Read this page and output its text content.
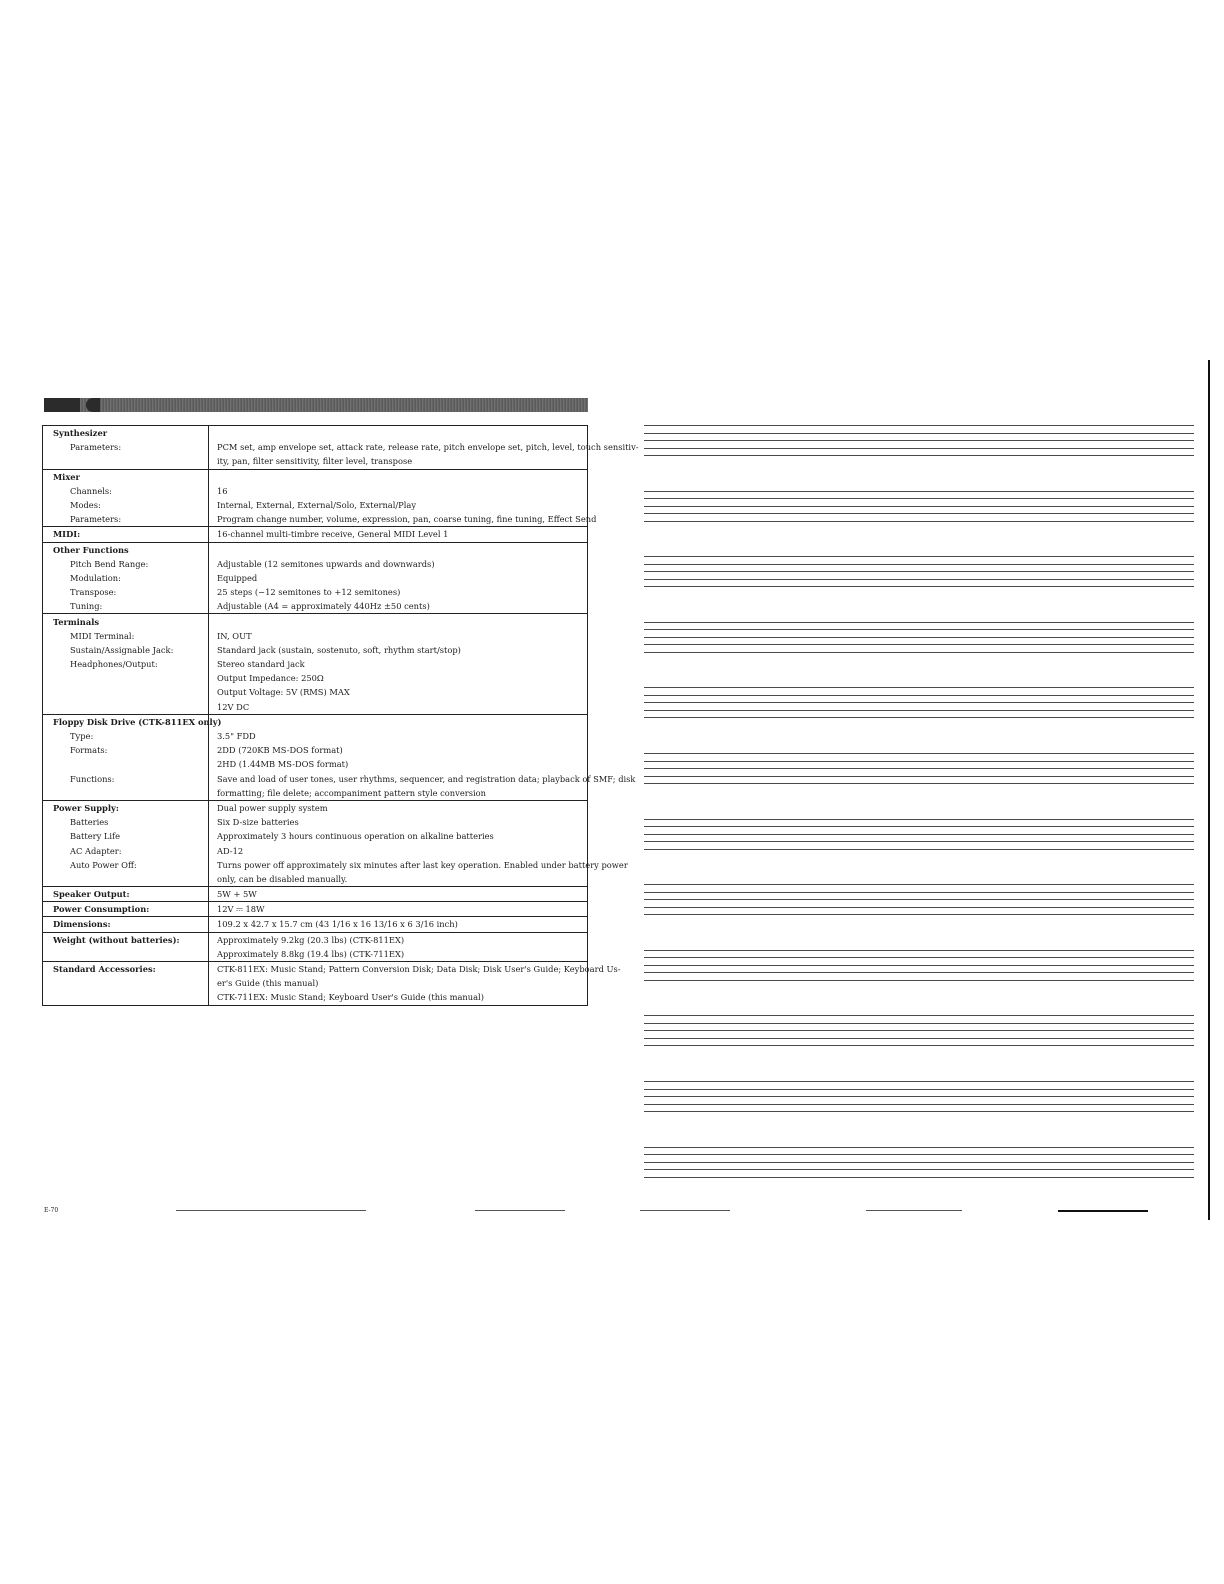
Synthesizer
Parameters:	PCM set, amp envelope set, attack rate, release rate, pitch envelope set, pitch, level, touch sensitiv-
ity, pan, filter sensitivity, filter level, transpose
Mixer
Channels:	16
Modes:	Internal, External, External/Solo, External/Play
Parameters:	Program change number, volume, expression, pan, coarse tuning, fine tuning, Effect Send
MIDI:	16-channel multi-timbre receive, General MIDI Level 1
Other Functions
Pitch Bend Range:	Adjustable (12 semitones upwards and downwards)
Modulation:	Equipped
Transpose:	25 steps (−12 semitones to +12 semitones)
Tuning:	Adjustable (A4 = approximately 440Hz ±50 cents)
Terminals
MIDI Terminal:	IN, OUT
Sustain/Assignable Jack:	Standard jack (sustain, sostenuto, soft, rhythm start/stop)
Headphones/Output:	Stereo standard jack
Output Impedance: 250Ω
Output Voltage: 5V (RMS) MAX
12V DC
Floppy Disk Drive (CTK-811EX only)
Type:	3.5" FDD
Formats:	2DD (720KB MS-DOS format)
2HD (1.44MB MS-DOS format)
Functions:	Save and load of user tones, user rhythms, sequencer, and registration data; playback of SMF; disk
formatting; file delete; accompaniment pattern style conversion
Power Supply:	Dual power supply system
Batteries	Six D-size batteries
Battery Life	Approximately 3 hours continuous operation on alkaline batteries
AC Adapter:	AD-12
Auto Power Off:	Turns power off approximately six minutes after last key operation. Enabled under battery power
only, can be disabled manually.
Speaker Output:	5W + 5W
Power Consumption:	12V ⎓ 18W
Dimensions:	109.2 x 42.7 x 15.7 cm (43 1/16 x 16 13/16 x 6 3/16 inch)
Weight (without batteries):	Approximately 9.2kg (20.3 lbs) (CTK-811EX)
Approximately 8.8kg (19.4 lbs) (CTK-711EX)
Standard Accessories:	CTK-811EX: Music Stand; Pattern Conversion Disk; Data Disk; Disk User's Guide; Keyboard Us-
er's Guide (this manual)
CTK-711EX: Music Stand; Keyboard User's Guide (this manual)
E-70
